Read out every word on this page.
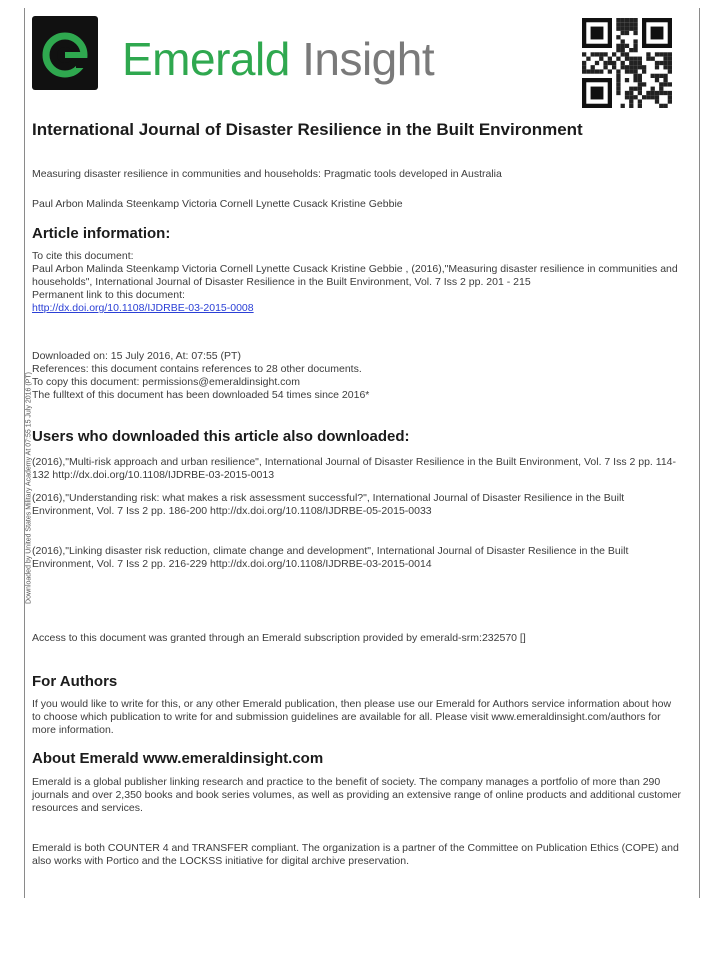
Downloaded by United States Military Academy At 07:55 15 July 2016 (PT)
Emerald Insight
International Journal of Disaster Resilience in the Built Environment
Measuring disaster resilience in communities and households: Pragmatic tools developed in Australia
Paul Arbon Malinda Steenkamp Victoria Cornell Lynette Cusack Kristine Gebbie
Article information:

To cite this document:

Paul Arbon Malinda Steenkamp Victoria Cornell Lynette Cusack Kristine Gebbie , (2016),"Measuring disaster resilience in communities and households", International Journal of Disaster Resilience in the Built Environment, Vol. 7 Iss 2 pp. 201 - 215

Permanent link to this document:

http://dx.doi.org/10.1108/IJDRBE-03-2015-0008

Downloaded on: 15 July 2016, At: 07:55 (PT)

References: this document contains references to 28 other documents.

To copy this document: permissions@emeraldinsight.com

The fulltext of this document has been downloaded 54 times since 2016*

Users who downloaded this article also downloaded:

(2016),"Multi-risk approach and urban resilience", International Journal of Disaster Resilience in the Built Environment, Vol. 7 Iss 2 pp. 114-132 http://dx.doi.org/10.1108/IJDRBE-03-2015-0013

(2016),"Understanding risk: what makes a risk assessment successful?", International Journal of Disaster Resilience in the Built Environment, Vol. 7 Iss 2 pp. 186-200 http://dx.doi.org/10.1108/IJDRBE-05-2015-0033

(2016),"Linking disaster risk reduction, climate change and development", International Journal of Disaster Resilience in the Built Environment, Vol. 7 Iss 2 pp. 216-229 http://dx.doi.org/10.1108/IJDRBE-03-2015-0014

Access to this document was granted through an Emerald subscription provided by emerald-srm:232570 []
For Authors
If you would like to write for this, or any other Emerald publication, then please use our Emerald for Authors service information about how to choose which publication to write for and submission guidelines are available for all. Please visit www.emeraldinsight.com/authors for more information.
About Emerald www.emeraldinsight.com
Emerald is a global publisher linking research and practice to the benefit of society. The company manages a portfolio of more than 290 journals and over 2,350 books and book series volumes, as well as providing an extensive range of online products and additional customer resources and services.
Emerald is both COUNTER 4 and TRANSFER compliant. The organization is a partner of the Committee on Publication Ethics (COPE) and also works with Portico and the LOCKSS initiative for digital archive preservation.
